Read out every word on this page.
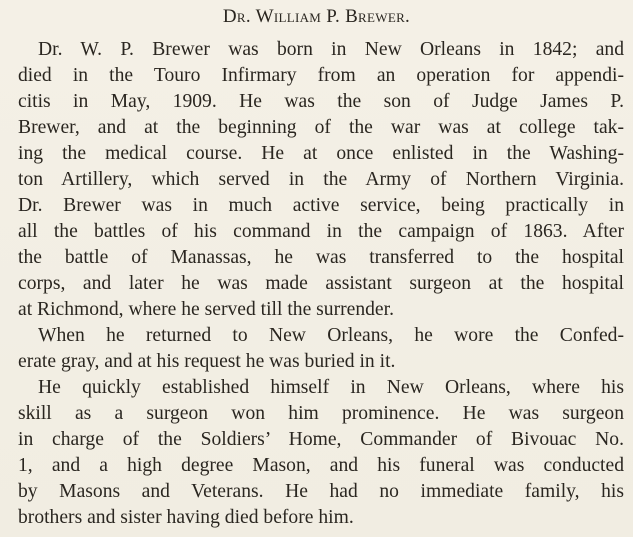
Dr. William P. Brewer.
Dr. W. P. Brewer was born in New Orleans in 1842; and
died in the Touro Infirmary from an operation for appendi-
citis in May, 1909. He was the son of Judge James P.
Brewer, and at the beginning of the war was at college tak-
ing the medical course. He at once enlisted in the Washing-
ton Artillery, which served in the Army of Northern Virginia.
Dr. Brewer was in much active service, being practically in
all the battles of his command in the campaign of 1863. After
the battle of Manassas, he was transferred to the hospital
corps, and later he was made assistant surgeon at the hospital
at Richmond, where he served till the surrender.
When he returned to New Orleans, he wore the Confed-
erate gray, and at his request he was buried in it.
He quickly established himself in New Orleans, where his
skill as a surgeon won him prominence. He was surgeon
in charge of the Soldiers’ Home, Commander of Bivouac No.
1, and a high degree Mason, and his funeral was conducted
by Masons and Veterans. He had no immediate family, his
brothers and sister having died before him.
